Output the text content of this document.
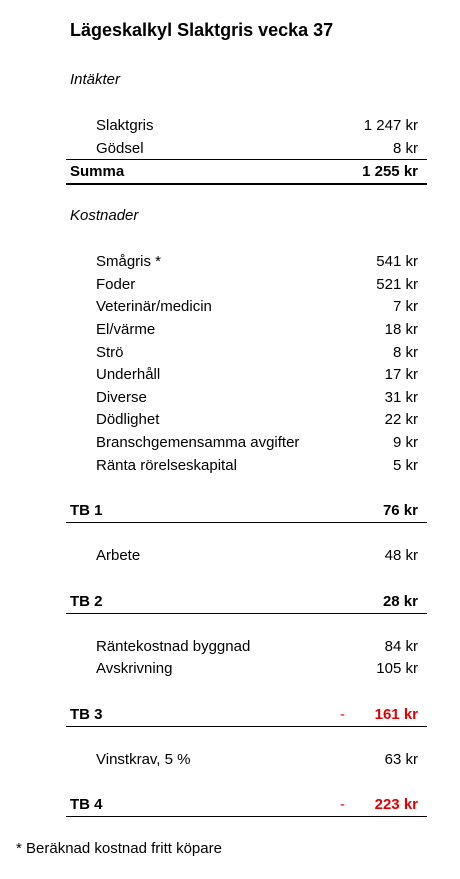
Lägeskalkyl Slaktgris vecka 37
Intäkter
Slaktgris	1 247 kr
Gödsel	8 kr
Summa	1 255 kr
Kostnader
Smågris *	541 kr
Foder	521 kr
Veterinär/medicin	7 kr
El/värme	18 kr
Strö	8 kr
Underhåll	17 kr
Diverse	31 kr
Dödlighet	22 kr
Branschgemensamma avgifter	9 kr
Ränta rörelseskapital	5 kr
TB 1	76 kr
Arbete	48 kr
TB 2	28 kr
Räntekostnad byggnad	84 kr
Avskrivning	105 kr
TB 3	- 161 kr
Vinstkrav, 5 %	63 kr
TB 4	- 223 kr
* Beräknad kostnad fritt köpare
